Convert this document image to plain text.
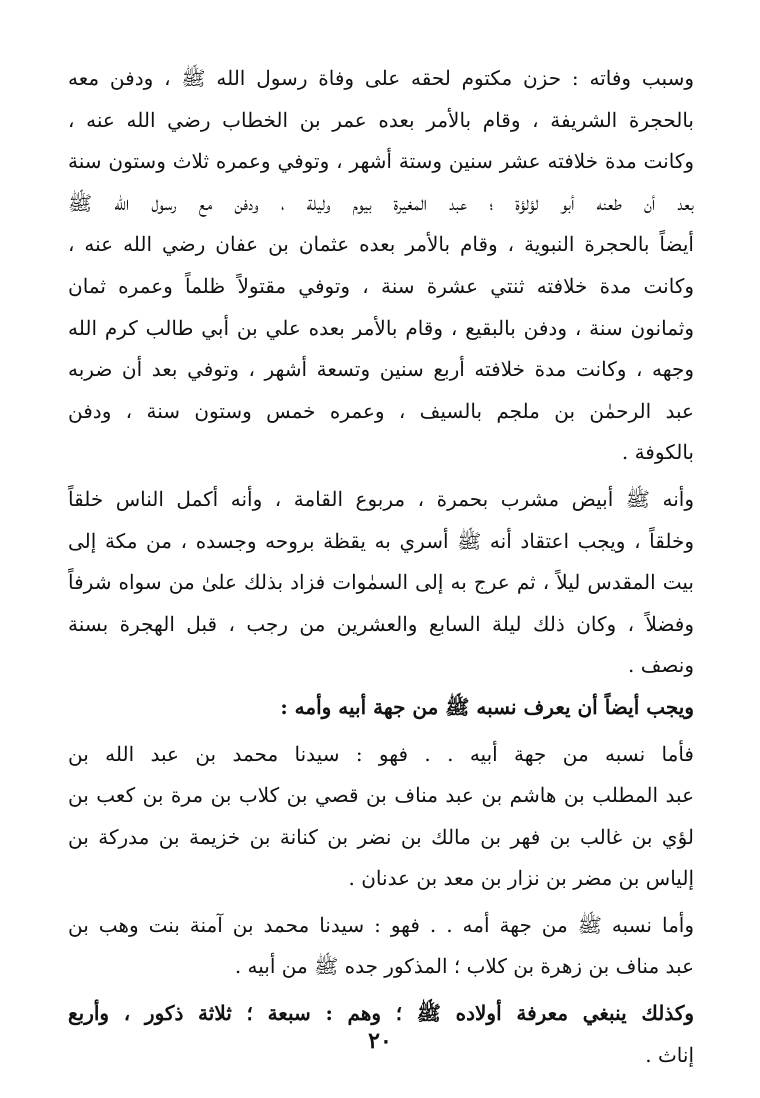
وسبب وفاته : حزن مكتوم لحقه على وفاة رسول الله ﷺ ، ودفن معه
بالحجرة الشريفة ، وقام بالأمر بعده عمر بن الخطاب رضي الله عنه ،
وكانت مدة خلافته عشر سنين وستة أشهر ، وتوفي وعمره ثلاث وستون سنة
بعد أن طعنه أبو لؤلؤة ؛ عبد المغيرة بيوم وليلة ، ودفن مع رسول الله ﷺ
أيضاً بالحجرة النبوية ، وقام بالأمر بعده عثمان بن عفان رضي الله عنه ،
وكانت مدة خلافته ثنتي عشرة سنة ، وتوفي مقتولاً ظلماً وعمره ثمان
وثمانون سنة ، ودفن بالبقيع ، وقام بالأمر بعده علي بن أبي طالب كرم الله
وجهه ، وكانت مدة خلافته أربع سنين وتسعة أشهر ، وتوفي بعد أن ضربه
عبد الرحمٰن بن ملجم بالسيف ، وعمره خمس وستون سنة ، ودفن
بالكوفة .
وأنه ﷺ أبيض مشرب بحمرة ، مربوع القامة ، وأنه أكمل الناس خلقاً
وخلقاً ، ويجب اعتقاد أنه ﷺ أسري به يقظة بروحه وجسده ، من مكة إلى
بيت المقدس ليلاً ، ثم عرج به إلى السمٰوات فزاد بذلك علىٰ من سواه شرفاً
وفضلاً ، وكان ذلك ليلة السابع والعشرين من رجب ، قبل الهجرة بسنة
ونصف .
ويجب أيضاً أن يعرف نسبه ﷺ من جهة أبيه وأمه :
فأما نسبه من جهة أبيه . . فهو : سيدنا محمد بن عبد الله بن
عبد المطلب بن هاشم بن عبد مناف بن قصي بن كلاب بن مرة بن كعب بن
لؤي بن غالب بن فهر بن مالك بن نضر بن كنانة بن خزيمة بن مدركة بن
إلياس بن مضر بن نزار بن معد بن عدنان .
وأما نسبه ﷺ من جهة أمه . . فهو : سيدنا محمد بن آمنة بنت وهب بن
عبد مناف بن زهرة بن كلاب ؛ المذكور جده ﷺ من أبيه .
وكذلك ينبغي معرفة أولاده ﷺ ؛ وهم : سبعة ؛ ثلاثة ذكور ، وأربع
إناث .
٢٠
